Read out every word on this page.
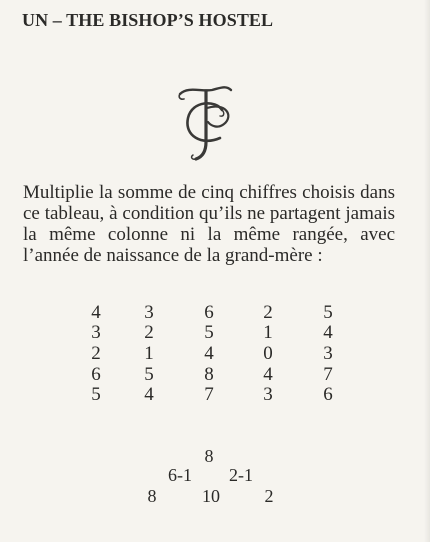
UN – THE BISHOP’S HOSTEL

Multiplie la somme de cinq chiffres choisis dans ce tableau, à condition qu’ils ne partagent jamais la même colonne ni la même rangée, avec l’année de naissance de la grand-mère :

4 3	6	2	5
3 2	5	1	4
2 1	4	0	3
6 5	8	4	7
5 4	7	3	6
8
6-1	2-1
8	10	2
